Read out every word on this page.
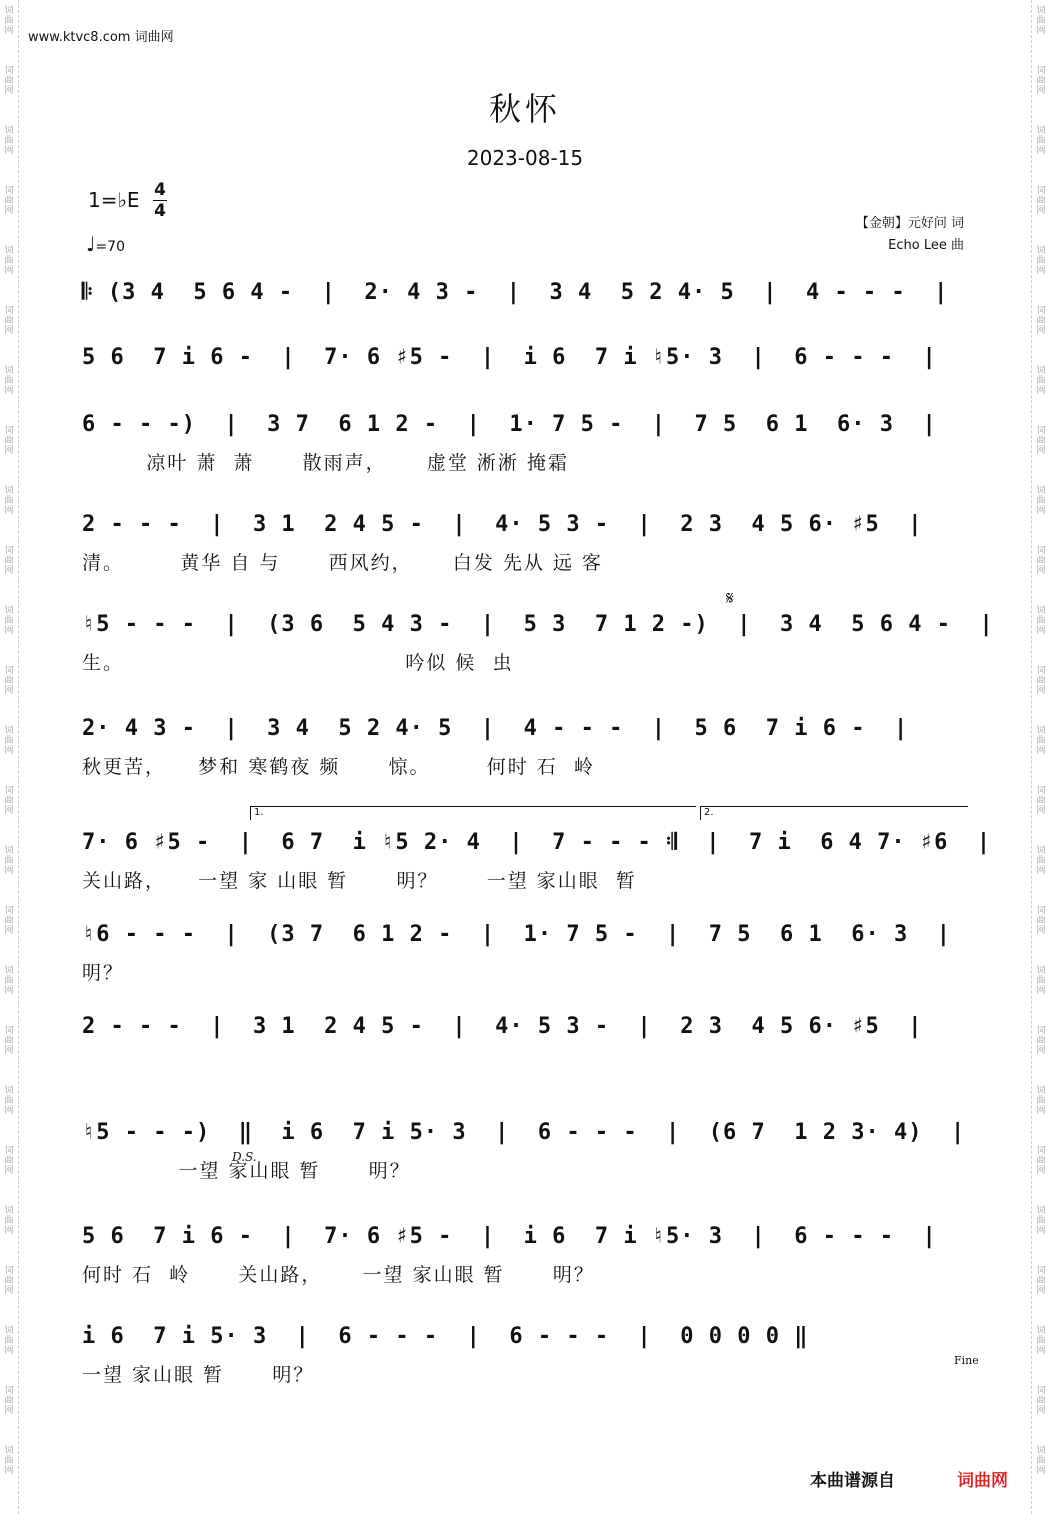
词
曲
网
词
曲
网
词
曲
网
词
曲
网
词
曲
网
词
曲
网
词
曲
网
词
曲
网
词
曲
网
词
曲
网
词
曲
网
词
曲
网
词
曲
网
词
曲
网
词
曲
网
词
曲
网
词
曲
网
词
曲
网
词
曲
网
词
曲
网
词
曲
网
词
曲
网
词
曲
网
词
曲
网
词
曲
网
词
曲
网
词
曲
网
词
曲
网
词
曲
网
词
曲
网
词
曲
网
词
曲
网
词
曲
网
词
曲
网
词
曲
网
词
曲
网
词
曲
网
词
曲
网
词
曲
网
词
曲
网
词
曲
网
词
曲
网
词
曲
网
词
曲
网
词
曲
网
词
曲
网
词
曲
网
词
曲
网
词
曲
网
词
曲
网
www.ktvc8.com 词曲网
秋怀
2023-08-15
1=♭E 4
4
♩=70
【金朝】元好问 词
Echo Lee 曲
𝄆 (3 4  5 6 4 -  |  2· 4 3 -  |  3 4  5 2 4· 5  |  4 - - -  |
5 6  7 i 6 -  |  7· 6 ♯5 -  |  i 6  7 i ♮5· 3  |  6 - - -  |
6 - - -)  |  3 7  6 1 2 -  |  1· 7 5 -  |  7 5  6 1  6· 3  |
凉叶 萧  萧      散雨声，     虚堂 淅淅 掩霜
2 - - -  |  3 1  2 4 5 -  |  4· 5 3 -  |  2 3  4 5 6· ♯5  |
清。       黄华 自 与      西风约，     白发 先从 远 客
♮5 - - -  |  (3 6  5 4 3 -  |  5 3  7 1 2 -)  |  3 4  5 6 4 -  |
生。                                   吟似 候  虫
2· 4 3 -  |  3 4  5 2 4· 5  |  4 - - -  |  5 6  7 i 6 -  |
秋更苦，    梦和 寒鹤夜 频      惊。       何时 石  岭
7· 6 ♯5 -  |  6 7  i ♮5 2· 4  |  7 - - - 𝄇  |  7 i  6 4 7· ♯6  |
关山路，    一望 家 山眼 暂      明？      一望 家山眼  暂
♮6 - - -  |  (3 7  6 1 2 -  |  1· 7 5 -  |  7 5  6 1  6· 3  |
明？
2 - - -  |  3 1  2 4 5 -  |  4· 5 3 -  |  2 3  4 5 6· ♯5  |
♮5 - - -)  ‖  i 6  7 i 5· 3  |  6 - - -  |  (6 7  1 2 3· 4)  |
一望 家山眼 暂      明？
5 6  7 i 6 -  |  7· 6 ♯5 -  |  i 6  7 i ♮5· 3  |  6 - - -  |
何时 石  岭      关山路，     一望 家山眼 暂      明？
i 6  7 i 5· 3  |  6 - - -  |  6 - - -  |  0 0 0 0 ‖
一望 家山眼 暂      明？
𝄋
1.	2.
D.S.
Fine
本曲谱源自	词曲网
